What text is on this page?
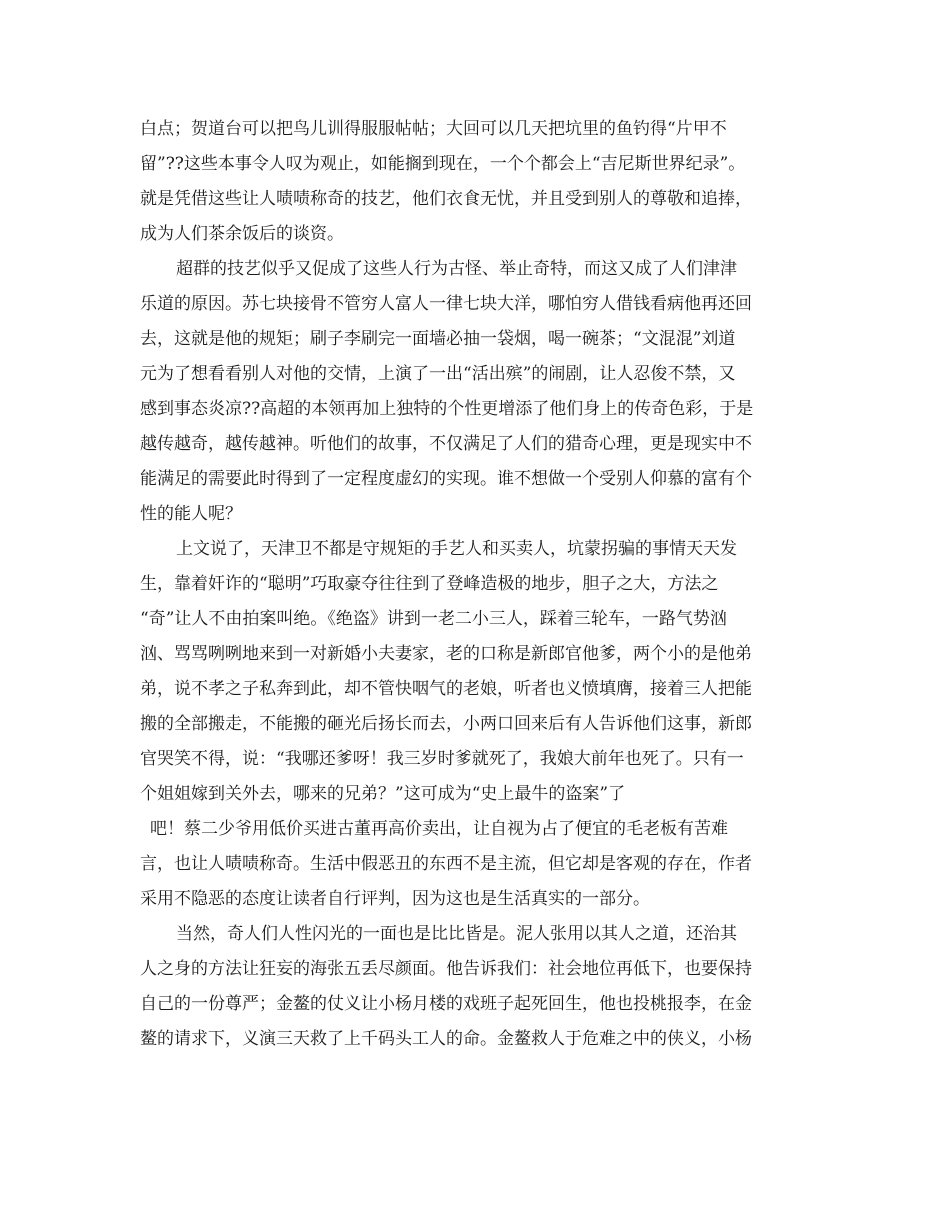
白点；贺道台可以把鸟儿训得服服帖帖；大回可以几天把坑里的鱼钓得“片甲不
留”??这些本事令人叹为观止，如能搁到现在，一个个都会上“吉尼斯世界纪录”。
就是凭借这些让人啧啧称奇的技艺，他们衣食无忧，并且受到别人的尊敬和追捧，
成为人们茶余饭后的谈资。
超群的技艺似乎又促成了这些人行为古怪、举止奇特，而这又成了人们津津
乐道的原因。苏七块接骨不管穷人富人一律七块大洋，哪怕穷人借钱看病他再还回
去，这就是他的规矩；刷子李刷完一面墙必抽一袋烟，喝一碗茶；“文混混”刘道
元为了想看看别人对他的交情，上演了一出“活出殡”的闹剧，让人忍俊不禁，又
感到事态炎凉??高超的本领再加上独特的个性更增添了他们身上的传奇色彩，于是
越传越奇，越传越神。听他们的故事，不仅满足了人们的猎奇心理，更是现实中不
能满足的需要此时得到了一定程度虚幻的实现。谁不想做一个受别人仰慕的富有个
性的能人呢？
上文说了，天津卫不都是守规矩的手艺人和买卖人，坑蒙拐骗的事情天天发
生，靠着奸诈的“聪明”巧取豪夺往往到了登峰造极的地步，胆子之大，方法之
“奇”让人不由拍案叫绝。《绝盗》讲到一老二小三人，踩着三轮车，一路气势汹
汹、骂骂咧咧地来到一对新婚小夫妻家，老的口称是新郎官他爹，两个小的是他弟
弟，说不孝之子私奔到此，却不管快咽气的老娘，听者也义愤填膺，接着三人把能
搬的全部搬走，不能搬的砸光后扬长而去，小两口回来后有人告诉他们这事，新郎
官哭笑不得，说：“我哪还爹呀！我三岁时爹就死了，我娘大前年也死了。只有一
个姐姐嫁到关外去，哪来的兄弟？”这可成为“史上最牛的盗案”了
吧！蔡二少爷用低价买进古董再高价卖出，让自视为占了便宜的毛老板有苦难
言，也让人啧啧称奇。生活中假恶丑的东西不是主流，但它却是客观的存在，作者
采用不隐恶的态度让读者自行评判，因为这也是生活真实的一部分。
当然，奇人们人性闪光的一面也是比比皆是。泥人张用以其人之道，还治其
人之身的方法让狂妄的海张五丢尽颜面。他告诉我们：社会地位再低下，也要保持
自己的一份尊严；金鳌的仗义让小杨月楼的戏班子起死回生，他也投桃报李，在金
鳌的请求下，义演三天救了上千码头工人的命。金鳌救人于危难之中的侠义，小杨
